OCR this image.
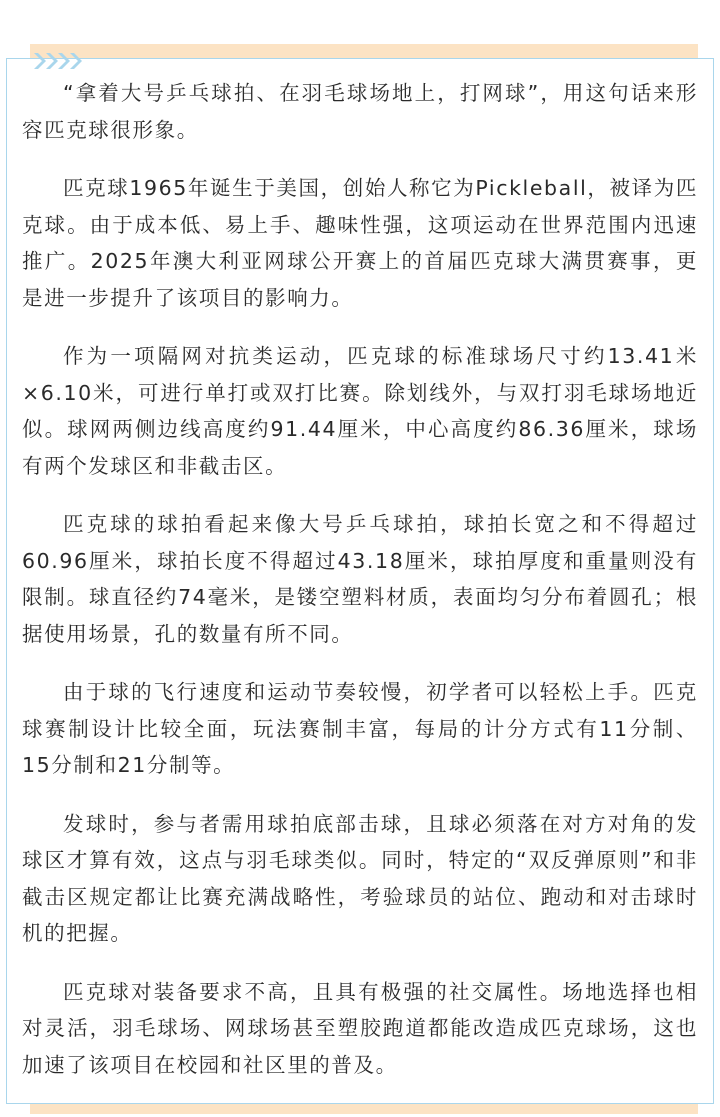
“拿着大号乒乓球拍、在羽毛球场地上，打网球”，用这句话来形容匹克球很形象。

匹克球1965年诞生于美国，创始人称它为Pickleball，被译为匹克球。由于成本低、易上手、趣味性强，这项运动在世界范围内迅速推广。2025年澳大利亚网球公开赛上的首届匹克球大满贯赛事，更是进一步提升了该项目的影响力。

作为一项隔网对抗类运动，匹克球的标准球场尺寸约13.41米×6.10米，可进行单打或双打比赛。除划线外，与双打羽毛球场地近似。球网两侧边线高度约91.44厘米，中心高度约86.36厘米，球场有两个发球区和非截击区。

匹克球的球拍看起来像大号乒乓球拍，球拍长宽之和不得超过60.96厘米，球拍长度不得超过43.18厘米，球拍厚度和重量则没有限制。球直径约74毫米，是镂空塑料材质，表面均匀分布着圆孔；根据使用场景，孔的数量有所不同。

由于球的飞行速度和运动节奏较慢，初学者可以轻松上手。匹克球赛制设计比较全面，玩法赛制丰富，每局的计分方式有11分制、15分制和21分制等。

发球时，参与者需用球拍底部击球，且球必须落在对方对角的发球区才算有效，这点与羽毛球类似。同时，特定的“双反弹原则”和非截击区规定都让比赛充满战略性，考验球员的站位、跑动和对击球时机的把握。

匹克球对装备要求不高，且具有极强的社交属性。场地选择也相对灵活，羽毛球场、网球场甚至塑胶跑道都能改造成匹克球场，这也加速了该项目在校园和社区里的普及。
